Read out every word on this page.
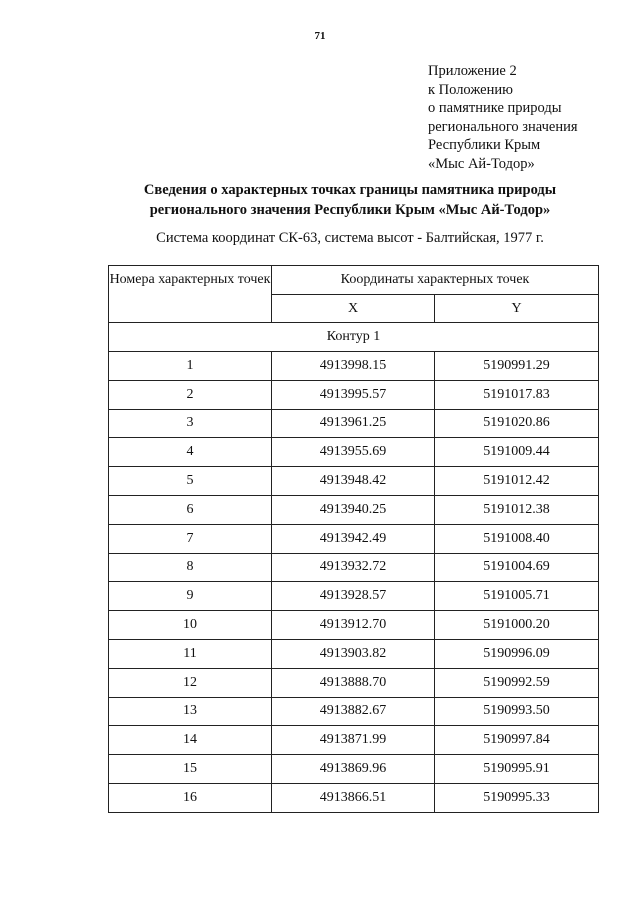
71
Приложение 2
к Положению
о памятнике природы
регионального значения
Республики Крым
«Мыс Ай-Тодор»
Сведения о характерных точках границы памятника природы
регионального значения Республики Крым «Мыс Ай-Тодор»
Система координат СК-63, система высот - Балтийская, 1977 г.
Номера характерных точек	Координаты характерных точек	
	X	Y
Контур 1		
1	4913998.15	5190991.29
2	4913995.57	5191017.83
3	4913961.25	5191020.86
4	4913955.69	5191009.44
5	4913948.42	5191012.42
6	4913940.25	5191012.38
7	4913942.49	5191008.40
8	4913932.72	5191004.69
9	4913928.57	5191005.71
10	4913912.70	5191000.20
11	4913903.82	5190996.09
12	4913888.70	5190992.59
13	4913882.67	5190993.50
14	4913871.99	5190997.84
15	4913869.96	5190995.91
16	4913866.51	5190995.33
